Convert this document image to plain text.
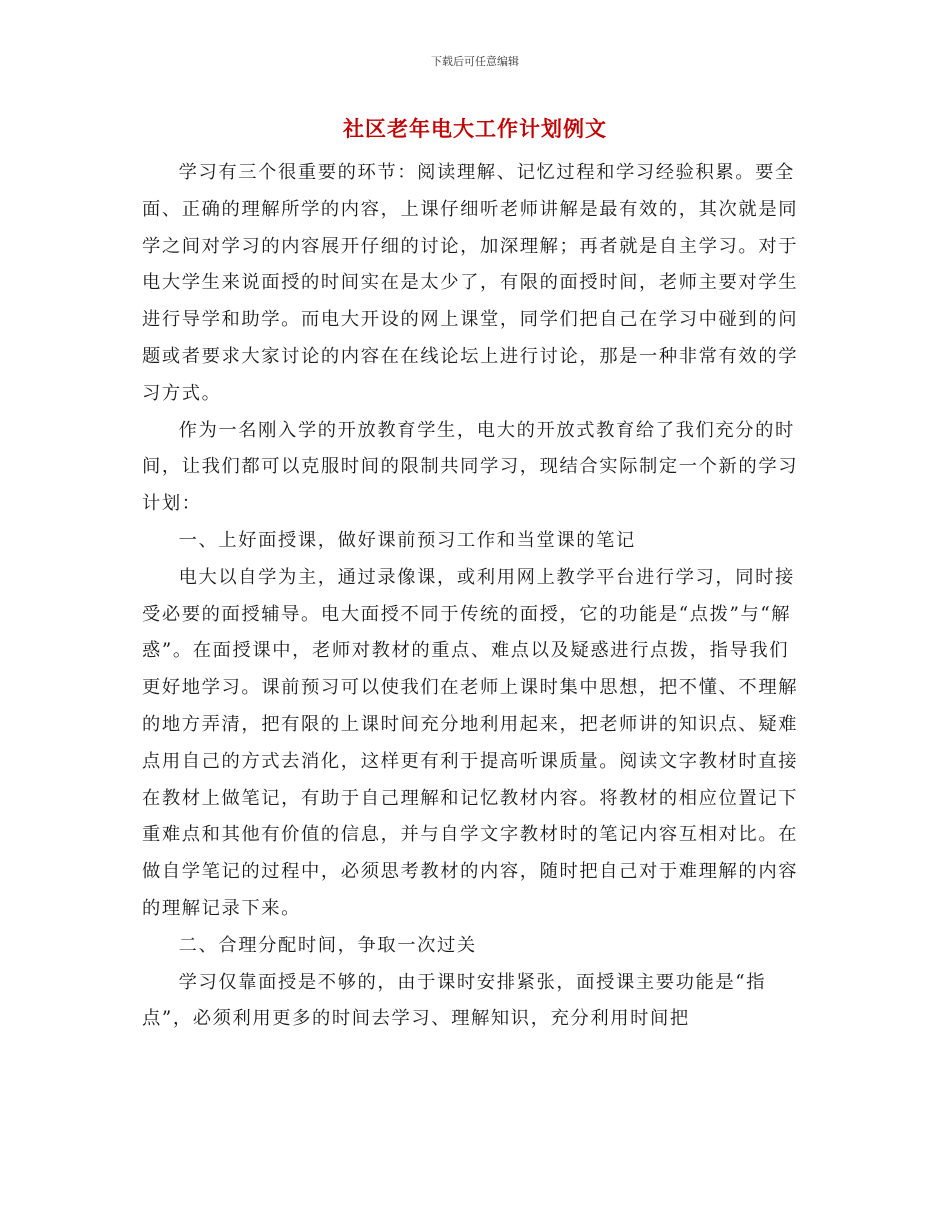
下载后可任意编辑
社区老年电大工作计划例文

学习有三个很重要的环节：阅读理解、记忆过程和学习经验积累。要全面、正确的理解所学的内容，上课仔细听老师讲解是最有效的，其次就是同学之间对学习的内容展开仔细的讨论，加深理解；再者就是自主学习。对于电大学生来说面授的时间实在是太少了，有限的面授时间，老师主要对学生进行导学和助学。而电大开设的网上课堂，同学们把自己在学习中碰到的问题或者要求大家讨论的内容在在线论坛上进行讨论，那是一种非常有效的学习方式。

作为一名刚入学的开放教育学生，电大的开放式教育给了我们充分的时间，让我们都可以克服时间的限制共同学习，现结合实际制定一个新的学习计划：

一、上好面授课，做好课前预习工作和当堂课的笔记

电大以自学为主，通过录像课，或利用网上教学平台进行学习，同时接受必要的面授辅导。电大面授不同于传统的面授，它的功能是“点拨”与“解惑”。在面授课中，老师对教材的重点、难点以及疑惑进行点拨，指导我们更好地学习。课前预习可以使我们在老师上课时集中思想，把不懂、不理解的地方弄清，把有限的上课时间充分地利用起来，把老师讲的知识点、疑难点用自己的方式去消化，这样更有利于提高听课质量。阅读文字教材时直接在教材上做笔记，有助于自己理解和记忆教材内容。将教材的相应位置记下重难点和其他有价值的信息，并与自学文字教材时的笔记内容互相对比。在做自学笔记的过程中，必须思考教材的内容，随时把自己对于难理解的内容的理解记录下来。

二、合理分配时间，争取一次过关

学习仅靠面授是不够的，由于课时安排紧张，面授课主要功能是“指点”，必须利用更多的时间去学习、理解知识，充分利用时间把
